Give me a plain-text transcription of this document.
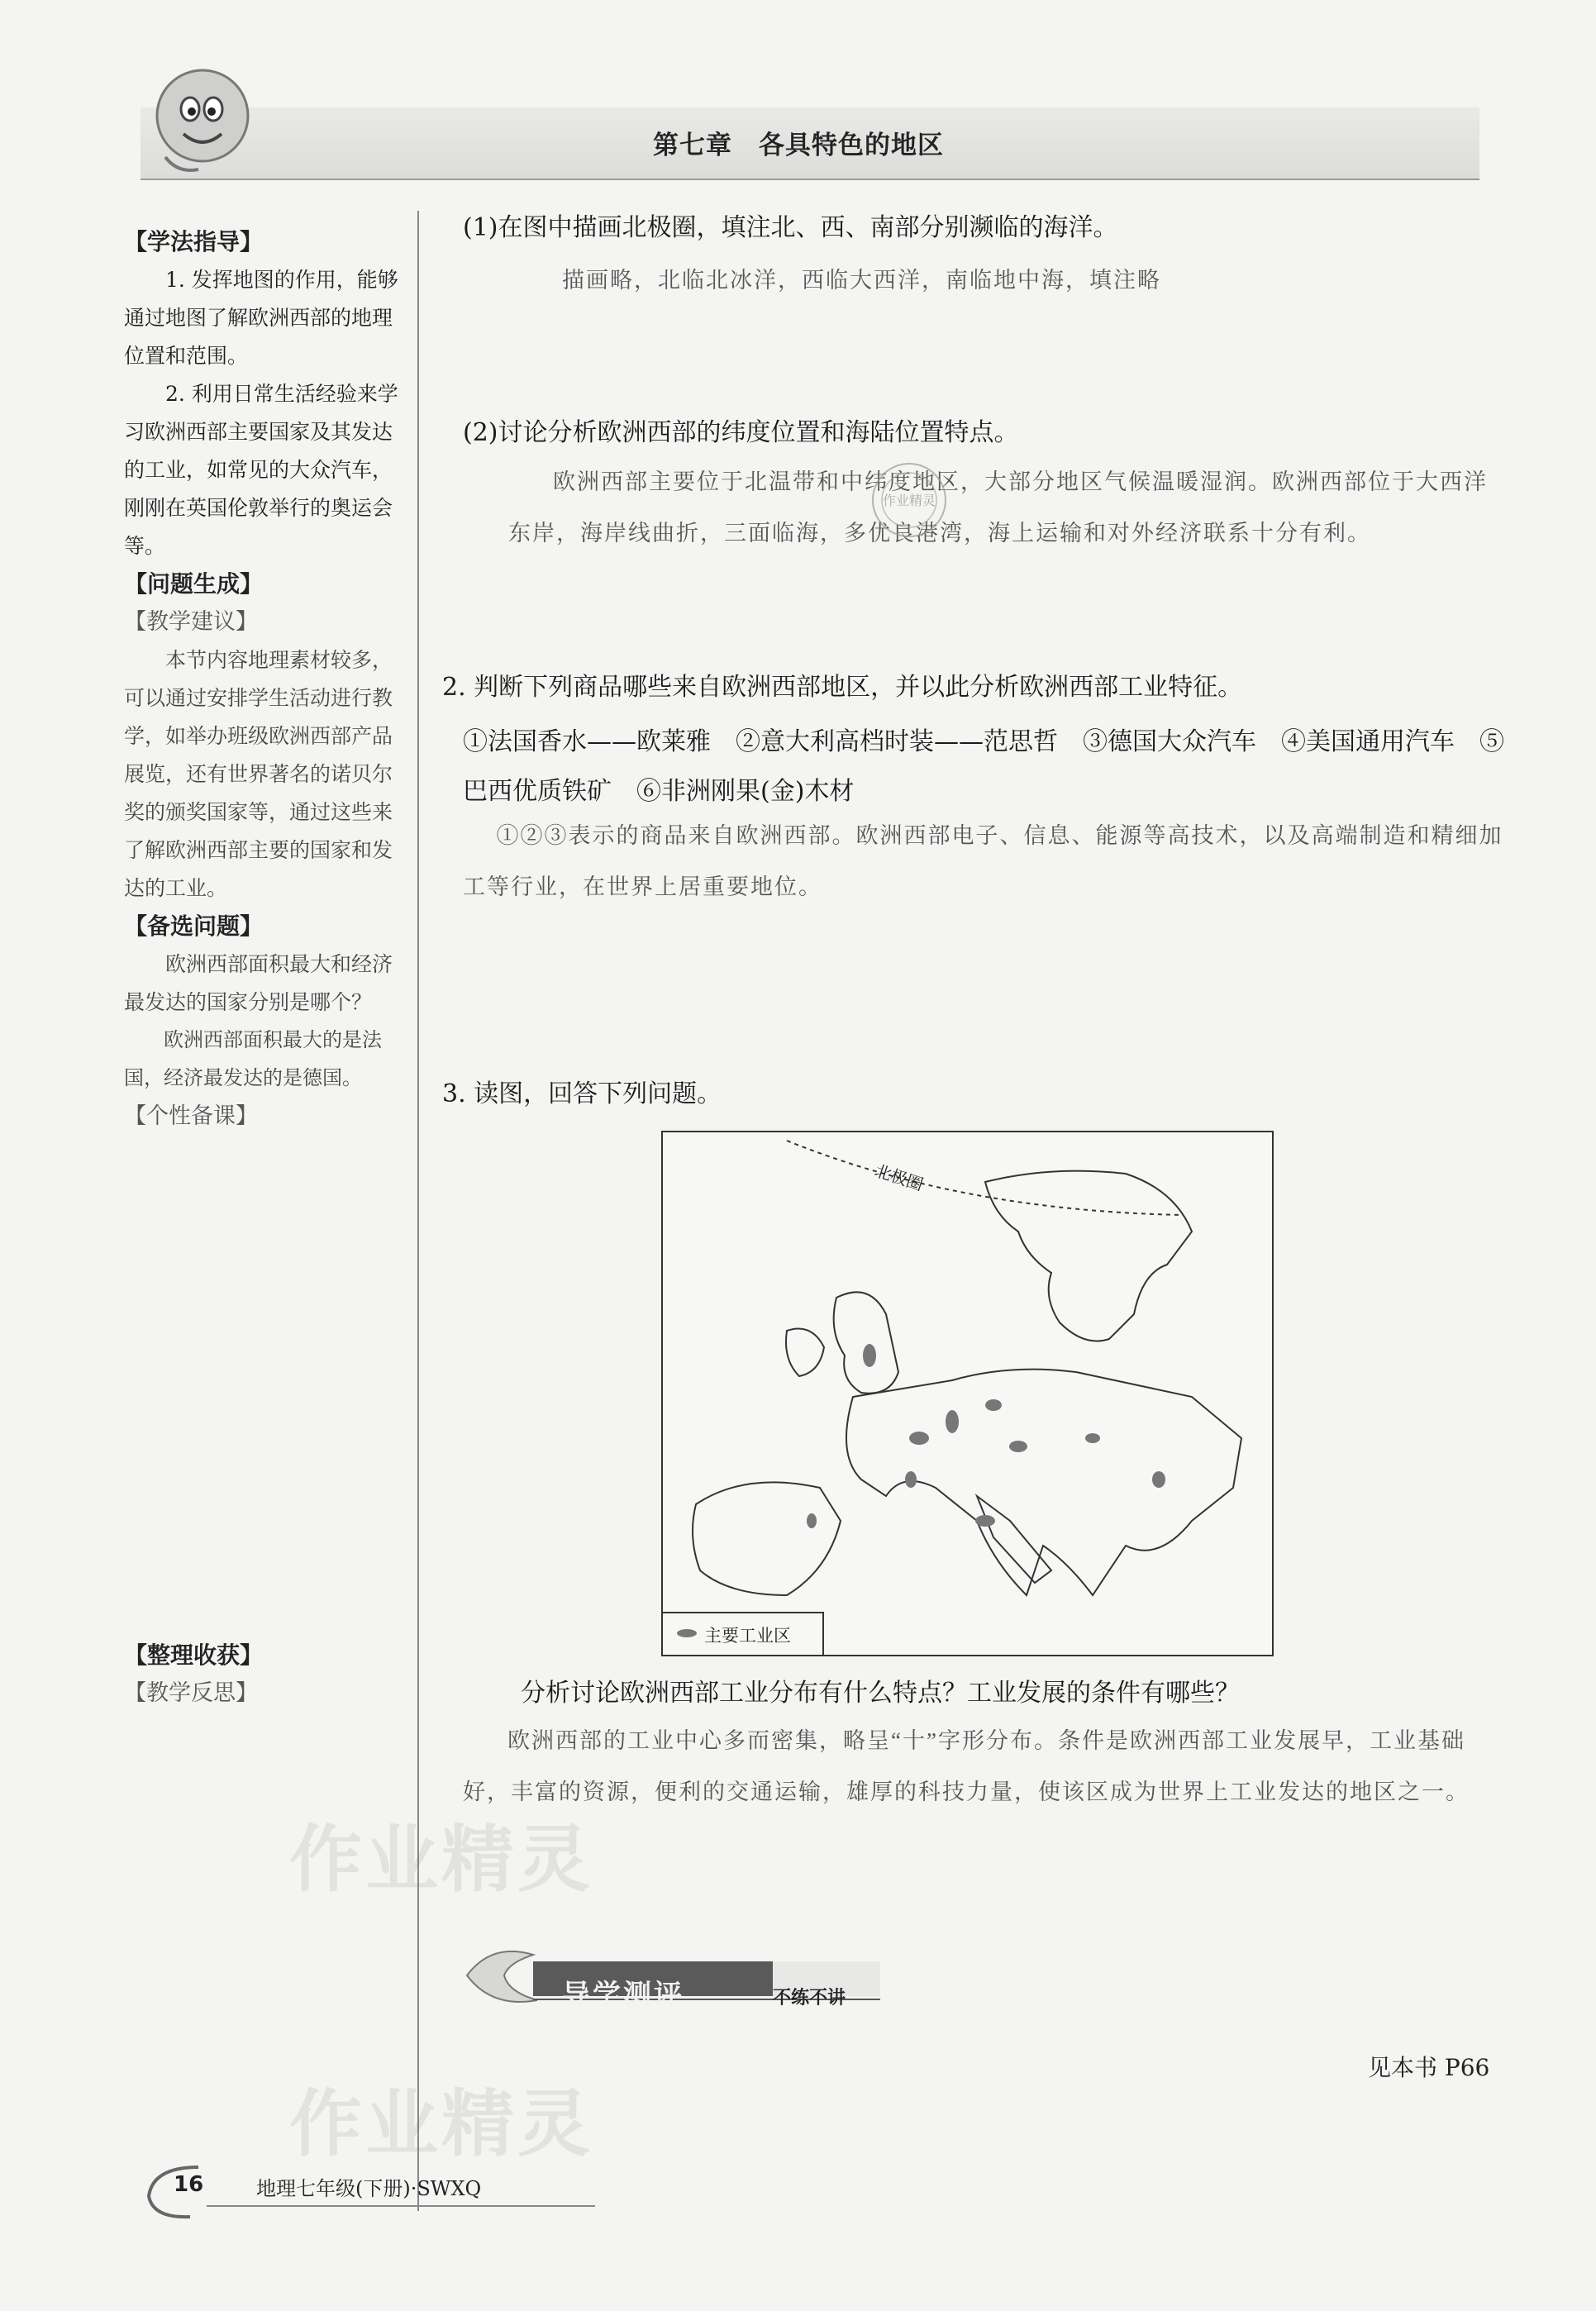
第七章　各具特色的地区
【学法指导】
1. 发挥地图的作用，能够通过地图了解欧洲西部的地理位置和范围。
2. 利用日常生活经验来学习欧洲西部主要国家及其发达的工业，如常见的大众汽车，刚刚在英国伦敦举行的奥运会等。
【问题生成】
【教学建议】
本节内容地理素材较多，可以通过安排学生活动进行教学，如举办班级欧洲西部产品展览，还有世界著名的诺贝尔奖的颁奖国家等，通过这些来了解欧洲西部主要的国家和发达的工业。
【备选问题】
欧洲西部面积最大和经济最发达的国家分别是哪个？
欧洲西部面积最大的是法国，经济最发达的是德国。
【个性备课】
【整理收获】
【教学反思】
(1)在图中描画北极圈，填注北、西、南部分别濒临的海洋。
描画略，北临北冰洋，西临大西洋，南临地中海，填注略
(2)讨论分析欧洲西部的纬度位置和海陆位置特点。
欧洲西部主要位于北温带和中纬度地区，大部分地区气候温暖湿润。欧洲西部位于大西洋东岸，海岸线曲折，三面临海，多优良港湾，海上运输和对外经济联系十分有利。
2. 判断下列商品哪些来自欧洲西部地区，并以此分析欧洲西部工业特征。
①法国香水——欧莱雅　②意大利高档时装——范思哲　③德国大众汽车　④美国通用汽车　⑤巴西优质铁矿　⑥非洲刚果(金)木材
①②③表示的商品来自欧洲西部。欧洲西部电子、信息、能源等高技术，以及高端制造和精细加工等行业，在世界上居重要地位。
3. 读图，回答下列问题。
北极圈
主要工业区
分析讨论欧洲西部工业分布有什么特点？工业发展的条件有哪些？
欧洲西部的工业中心多而密集，略呈“十”字形分布。条件是欧洲西部工业发展早，工业基础好，丰富的资源，便利的交通运输，雄厚的科技力量，使该区成为世界上工业发达的地区之一。
导学测评	不练不讲
见本书 P66
作业精灵
作业精灵
作业精灵
16	地理七年级(下册)·SWXQ
